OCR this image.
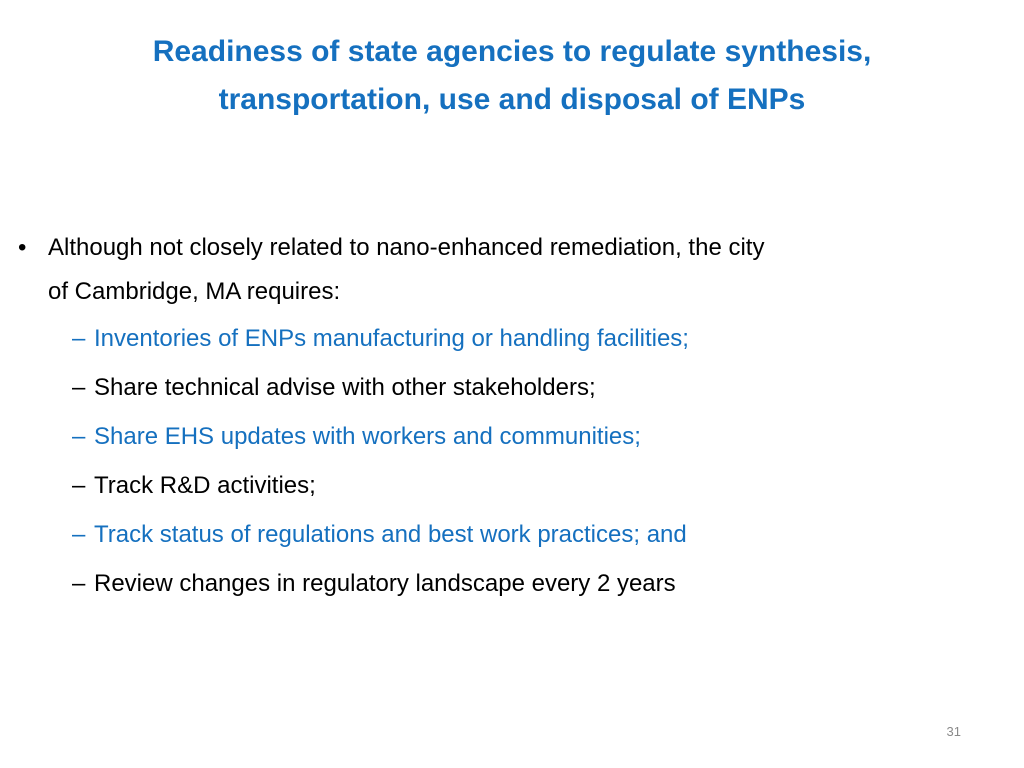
Readiness of state agencies to regulate synthesis,
transportation, use and disposal of ENPs
• Although not closely related to nano-enhanced remediation, the city
of Cambridge, MA requires:
– Inventories of ENPs manufacturing or handling facilities;
– Share technical advise with other stakeholders;
– Share EHS updates with workers and communities;
– Track R&D activities;
– Track status of regulations and best work practices; and
– Review changes in regulatory landscape every 2 years
31
